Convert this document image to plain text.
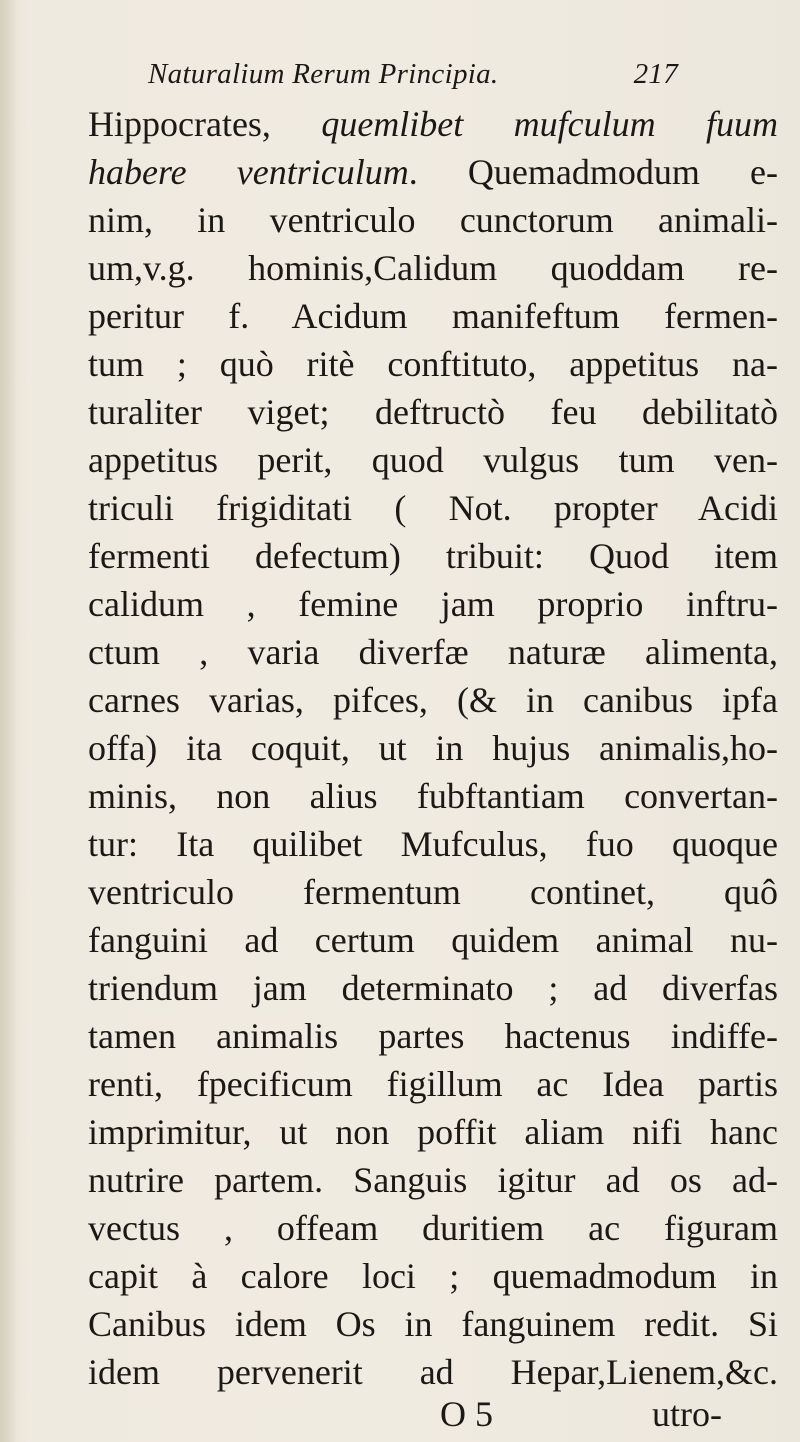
Naturalium Rerum Principia.	217
Hippocrates, quemlibet mufculum fuum
habere ventriculum. Quemadmodum e-
nim, in ventriculo cunctorum animali-
um,v.g. hominis,Calidum quoddam re-
peritur f. Acidum manifeftum fermen-
tum ; quò ritè conftituto, appetitus na-
turaliter viget; deftructò feu debilitatò
appetitus perit, quod vulgus tum ven-
triculi frigiditati ( Not. propter Acidi
fermenti defectum) tribuit: Quod item
calidum , femine jam proprio inftru-
ctum , varia diverfæ naturæ alimenta,
carnes varias, pifces, (& in canibus ipfa
offa) ita coquit, ut in hujus animalis,ho-
minis, non alius fubftantiam convertan-
tur: Ita quilibet Mufculus, fuo quoque
ventriculo fermentum continet, quô
fanguini ad certum quidem animal nu-
triendum jam determinato ; ad diverfas
tamen animalis partes hactenus indiffe-
renti, fpecificum figillum ac Idea partis
imprimitur, ut non poffit aliam nifi hanc
nutrire partem. Sanguis igitur ad os ad-
vectus , offeam duritiem ac figuram
capit à calore loci ; quemadmodum in
Canibus idem Os in fanguinem redit. Si
idem pervenerit ad Hepar,Lienem,&c.
O 5	utro-
